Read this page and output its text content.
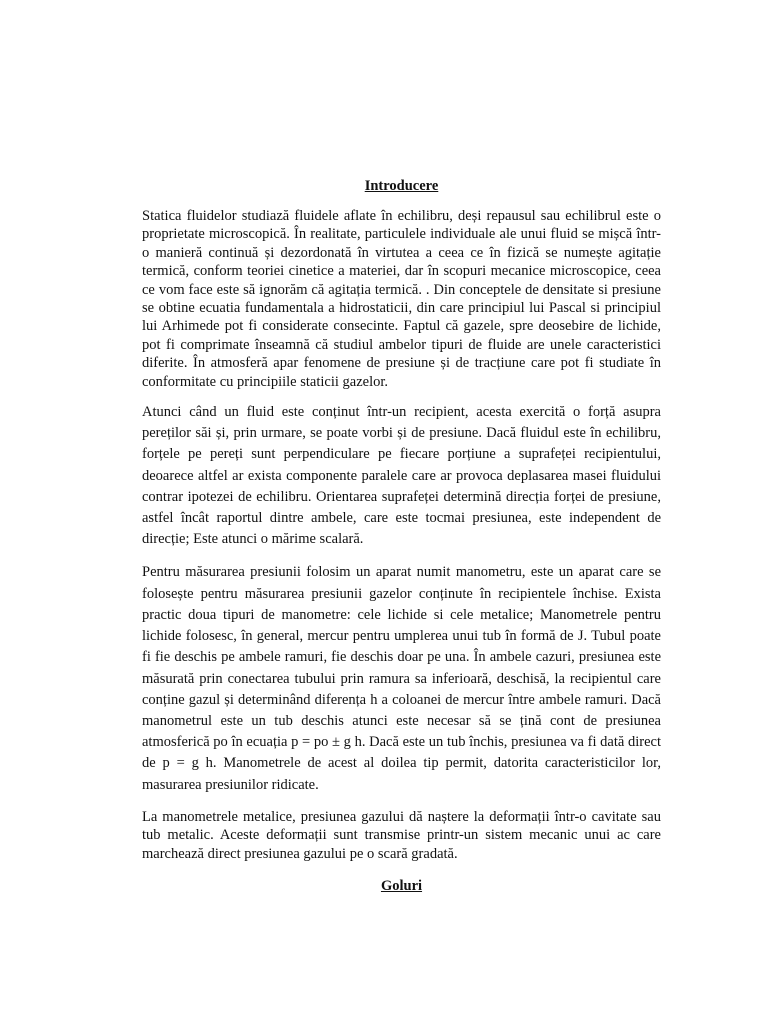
Introducere

Statica fluidelor studiază fluidele aflate în echilibru, deși repausul sau echilibrul este o proprietate microscopică. În realitate, particulele individuale ale unui fluid se mișcă într-o manieră continuă și dezordonată în virtutea a ceea ce în fizică se numește agitație termică, conform teoriei cinetice a materiei, dar în scopuri mecanice microscopice, ceea ce vom face este să ignorăm că agitația termică. . Din conceptele de densitate si presiune se obtine ecuatia fundamentala a hidrostaticii, din care principiul lui Pascal si principiul lui Arhimede pot fi considerate consecinte. Faptul că gazele, spre deosebire de lichide, pot fi comprimate înseamnă că studiul ambelor tipuri de fluide are unele caracteristici diferite. În atmosferă apar fenomene de presiune și de tracțiune care pot fi studiate în conformitate cu principiile staticii gazelor.

Atunci când un fluid este conținut într-un recipient, acesta exercită o forță asupra pereților săi și, prin urmare, se poate vorbi și de presiune. Dacă fluidul este în echilibru, forțele pe pereți sunt perpendiculare pe fiecare porțiune a suprafeței recipientului, deoarece altfel ar exista componente paralele care ar provoca deplasarea masei fluidului contrar ipotezei de echilibru. Orientarea suprafeței determină direcția forței de presiune, astfel încât raportul dintre ambele, care este tocmai presiunea, este independent de direcție; Este atunci o mărime scalară.

Pentru măsurarea presiunii folosim un aparat numit manometru, este un aparat care se folosește pentru măsurarea presiunii gazelor conținute în recipientele închise. Exista practic doua tipuri de manometre: cele lichide si cele metalice; Manometrele pentru lichide folosesc, în general, mercur pentru umplerea unui tub în formă de J. Tubul poate fi fie deschis pe ambele ramuri, fie deschis doar pe una. În ambele cazuri, presiunea este măsurată prin conectarea tubului prin ramura sa inferioară, deschisă, la recipientul care conține gazul și determinând diferența h a coloanei de mercur între ambele ramuri. Dacă manometrul este un tub deschis atunci este necesar să se țină cont de presiunea atmosferică po în ecuația p = po ± g h. Dacă este un tub închis, presiunea va fi dată direct de p = g h. Manometrele de acest al doilea tip permit, datorita caracteristicilor lor, masurarea presiunilor ridicate.

La manometrele metalice, presiunea gazului dă naștere la deformații într-o cavitate sau tub metalic. Aceste deformații sunt transmise printr-un sistem mecanic unui ac care marchează direct presiunea gazului pe o scară gradată.

Goluri
